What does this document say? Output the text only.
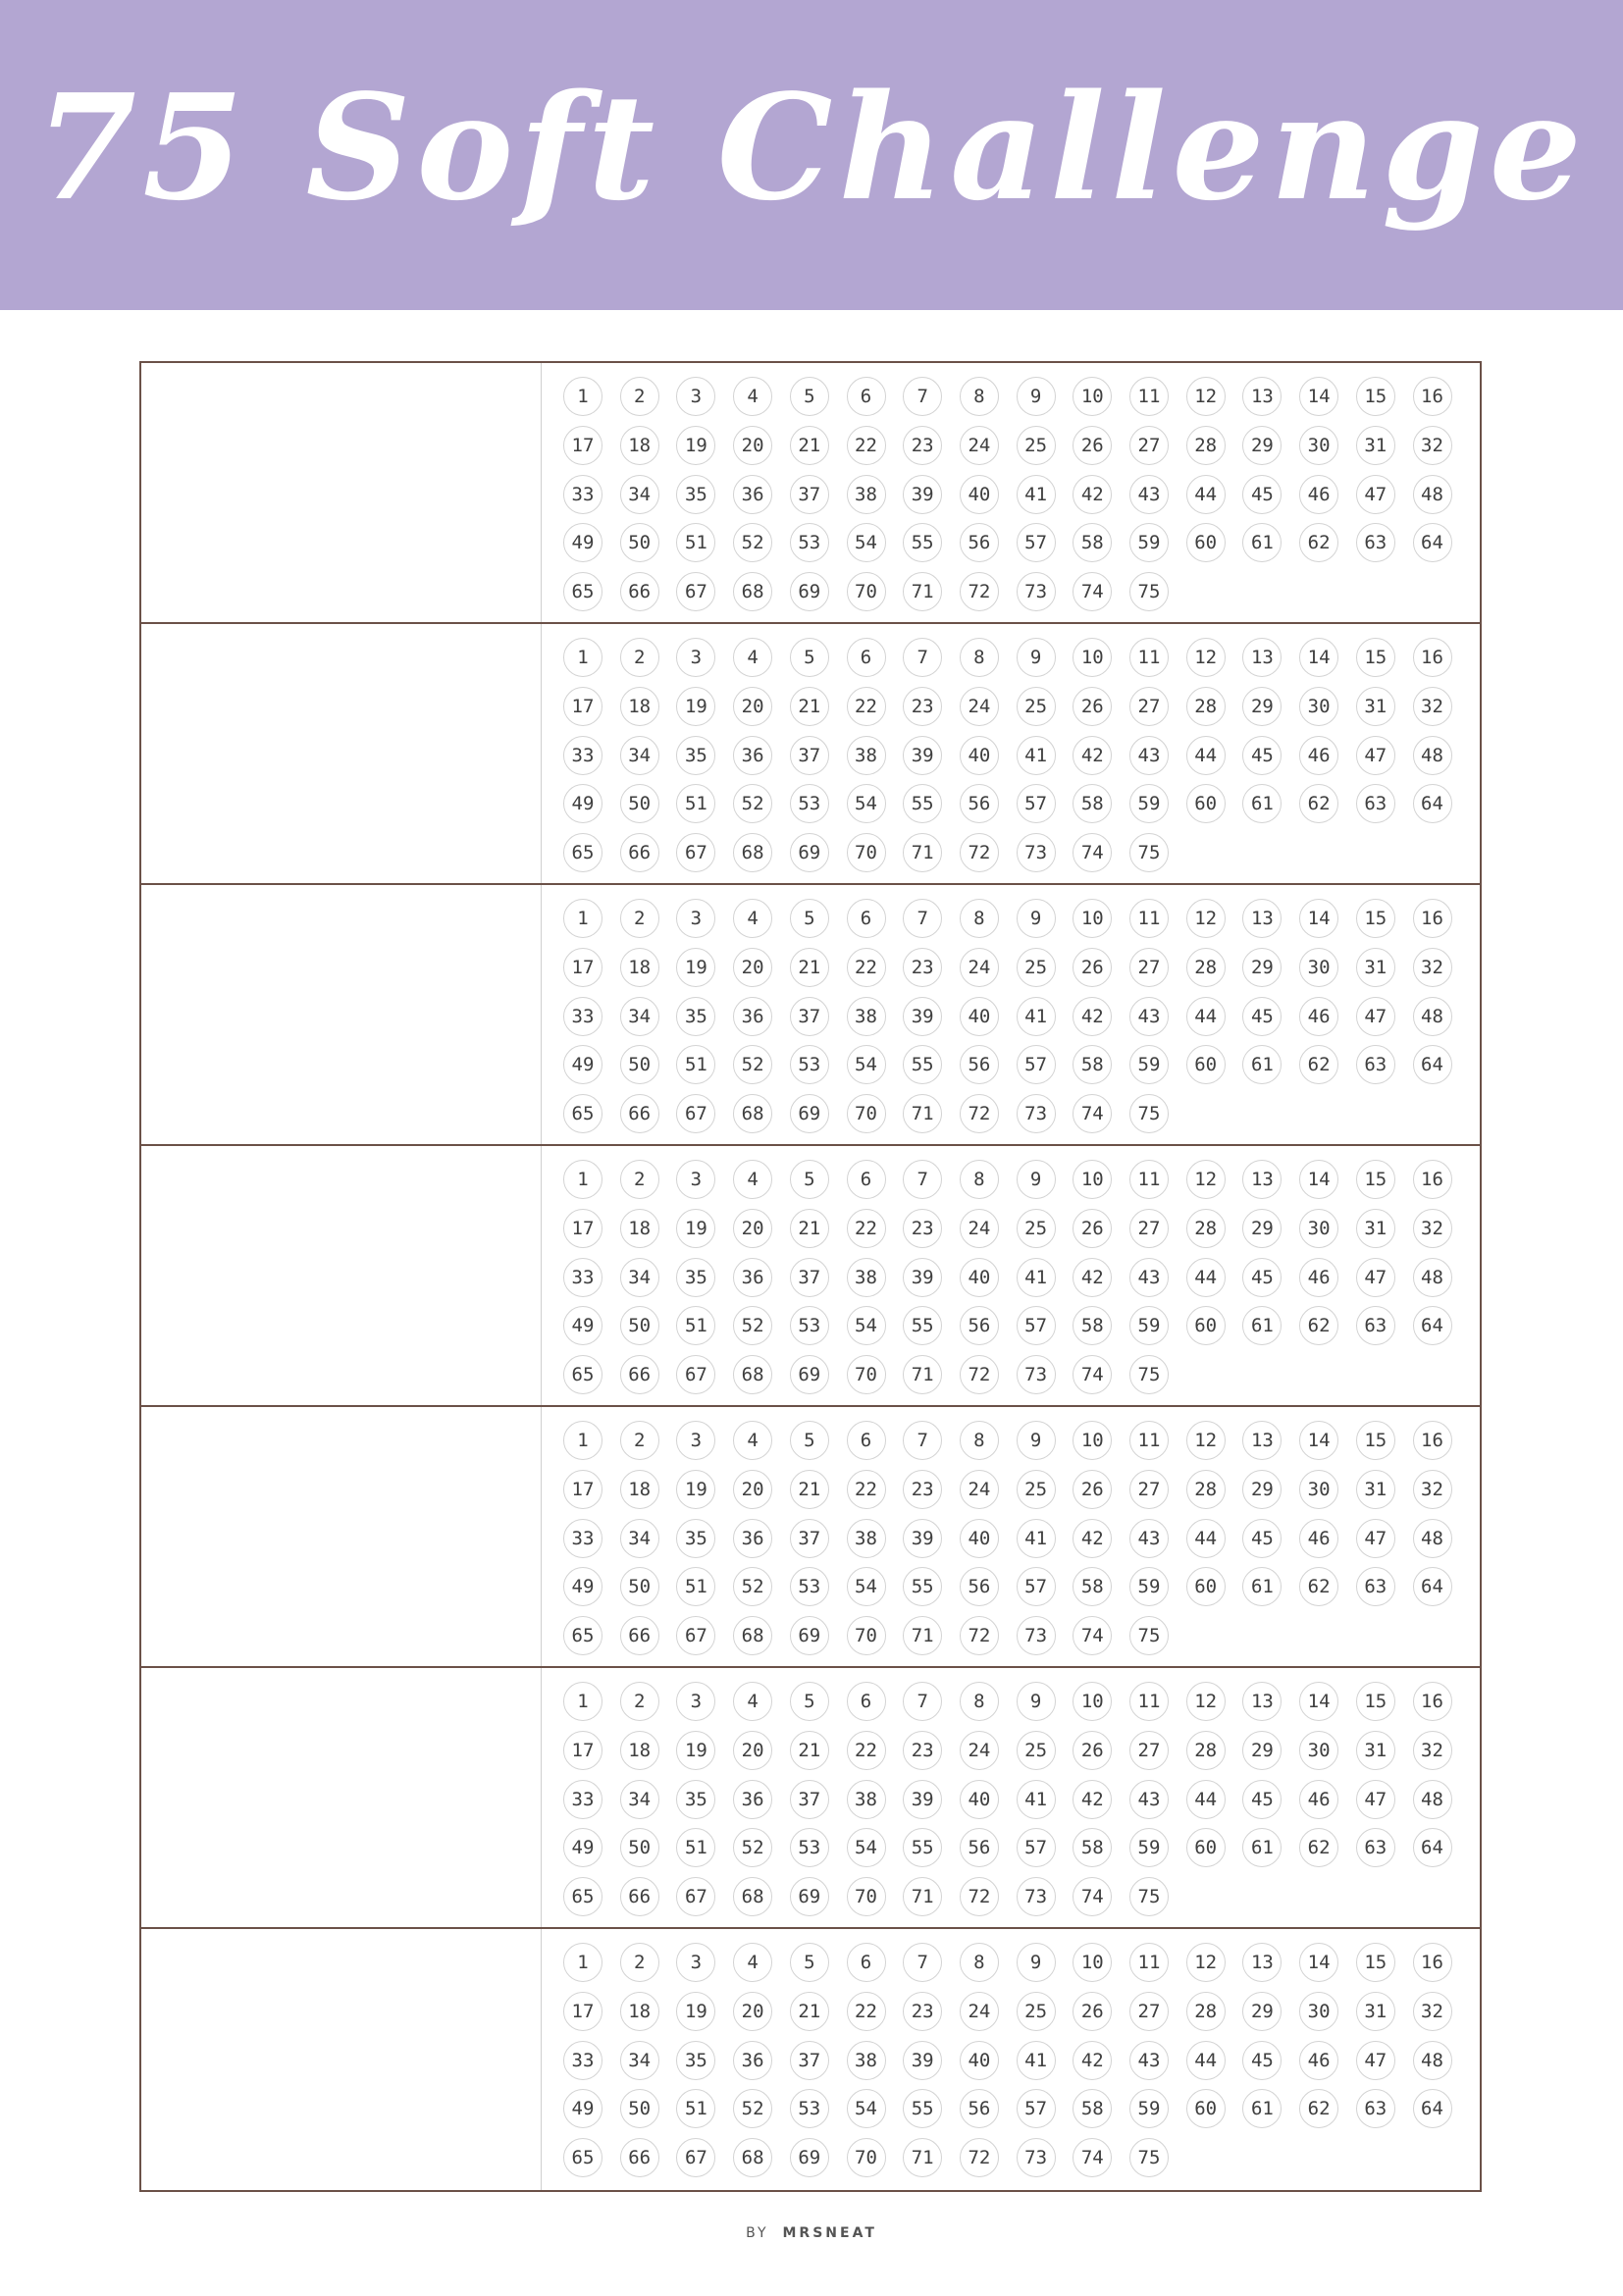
75 Soft Challenge
1	2	3	4	5	6	7	8	9	10	11	12	13	14	15	16
17	18	19	20	21	22	23	24	25	26	27	28	29	30	31	32
33	34	35	36	37	38	39	40	41	42	43	44	45	46	47	48
49	50	51	52	53	54	55	56	57	58	59	60	61	62	63	64
65	66	67	68	69	70	71	72	73	74	75
1	2	3	4	5	6	7	8	9	10	11	12	13	14	15	16
17	18	19	20	21	22	23	24	25	26	27	28	29	30	31	32
33	34	35	36	37	38	39	40	41	42	43	44	45	46	47	48
49	50	51	52	53	54	55	56	57	58	59	60	61	62	63	64
65	66	67	68	69	70	71	72	73	74	75
1	2	3	4	5	6	7	8	9	10	11	12	13	14	15	16
17	18	19	20	21	22	23	24	25	26	27	28	29	30	31	32
33	34	35	36	37	38	39	40	41	42	43	44	45	46	47	48
49	50	51	52	53	54	55	56	57	58	59	60	61	62	63	64
65	66	67	68	69	70	71	72	73	74	75
1	2	3	4	5	6	7	8	9	10	11	12	13	14	15	16
17	18	19	20	21	22	23	24	25	26	27	28	29	30	31	32
33	34	35	36	37	38	39	40	41	42	43	44	45	46	47	48
49	50	51	52	53	54	55	56	57	58	59	60	61	62	63	64
65	66	67	68	69	70	71	72	73	74	75
1	2	3	4	5	6	7	8	9	10	11	12	13	14	15	16
17	18	19	20	21	22	23	24	25	26	27	28	29	30	31	32
33	34	35	36	37	38	39	40	41	42	43	44	45	46	47	48
49	50	51	52	53	54	55	56	57	58	59	60	61	62	63	64
65	66	67	68	69	70	71	72	73	74	75
1	2	3	4	5	6	7	8	9	10	11	12	13	14	15	16
17	18	19	20	21	22	23	24	25	26	27	28	29	30	31	32
33	34	35	36	37	38	39	40	41	42	43	44	45	46	47	48
49	50	51	52	53	54	55	56	57	58	59	60	61	62	63	64
65	66	67	68	69	70	71	72	73	74	75
1	2	3	4	5	6	7	8	9	10	11	12	13	14	15	16
17	18	19	20	21	22	23	24	25	26	27	28	29	30	31	32
33	34	35	36	37	38	39	40	41	42	43	44	45	46	47	48
49	50	51	52	53	54	55	56	57	58	59	60	61	62	63	64
65	66	67	68	69	70	71	72	73	74	75
BY MRSNEAT
